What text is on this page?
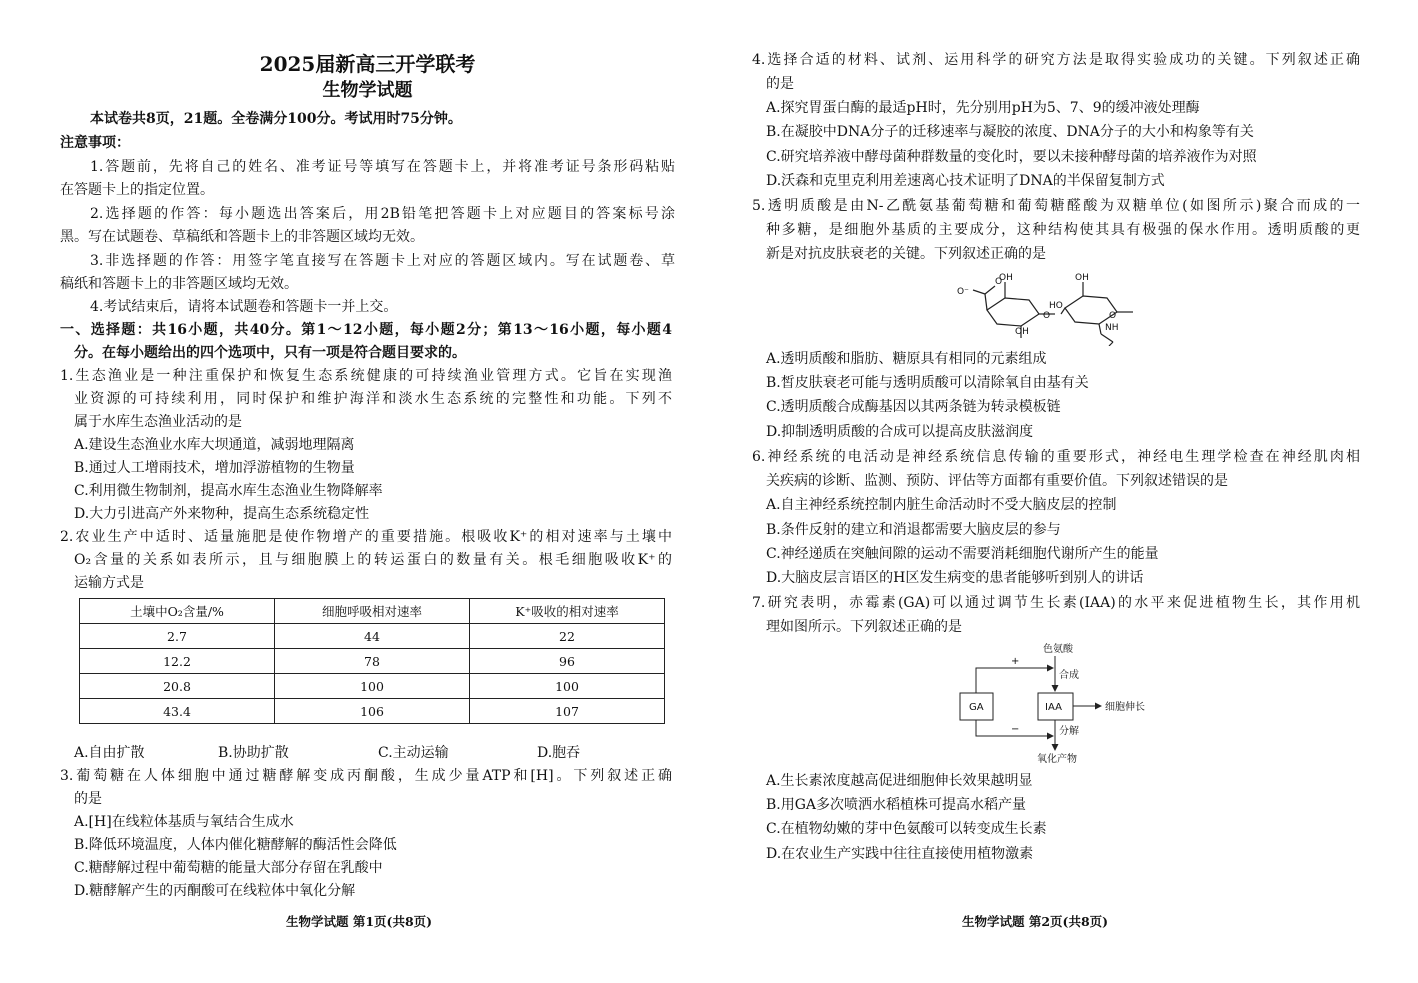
2025届新高三开学联考
生物学试题
本试卷共8页，21题。全卷满分100分。考试用时75分钟。
注意事项：
1.答题前，先将自己的姓名、准考证号等填写在答题卡上，并将准考证号条形码粘贴
在答题卡上的指定位置。
2.选择题的作答：每小题选出答案后，用2B铅笔把答题卡上对应题目的答案标号涂
黑。写在试题卷、草稿纸和答题卡上的非答题区域均无效。
3.非选择题的作答：用签字笔直接写在答题卡上对应的答题区域内。写在试题卷、草
稿纸和答题卡上的非答题区域均无效。
4.考试结束后，请将本试题卷和答题卡一并上交。
一、选择题：共16小题，共40分。第1～12小题，每小题2分；第13～16小题，每小题4
分。在每小题给出的四个选项中，只有一项是符合题目要求的。
1.生态渔业是一种注重保护和恢复生态系统健康的可持续渔业管理方式。它旨在实现渔
业资源的可持续利用，同时保护和维护海洋和淡水生态系统的完整性和功能。下列不
属于水库生态渔业活动的是
A.建设生态渔业水库大坝通道，减弱地理隔离
B.通过人工增雨技术，增加浮游植物的生物量
C.利用微生物制剂，提高水库生态渔业生物降解率
D.大力引进高产外来物种，提高生态系统稳定性
2.农业生产中适时、适量施肥是使作物增产的重要措施。根吸收K⁺的相对速率与土壤中
O₂含量的关系如表所示，且与细胞膜上的转运蛋白的数量有关。根毛细胞吸收K⁺的
运输方式是
土壤中O₂含量/%	细胞呼吸相对速率	K⁺吸收的相对速率
2.7	44	22
12.2	78	96
20.8	100	100
43.4	106	107
A.自由扩散	B.协助扩散	C.主动运输	D.胞吞
3.葡萄糖在人体细胞中通过糖酵解变成丙酮酸，生成少量ATP和[H]。下列叙述正确
的是
A.[H]在线粒体基质与氧结合生成水
B.降低环境温度，人体内催化糖酵解的酶活性会降低
C.糖酵解过程中葡萄糖的能量大部分存留在乳酸中
D.糖酵解产生的丙酮酸可在线粒体中氧化分解
生物学试题 第1页(共8页)
4.选择合适的材料、试剂、运用科学的研究方法是取得实验成功的关键。下列叙述正确
的是
A.探究胃蛋白酶的最适pH时，先分别用pH为5、7、9的缓冲液处理酶
B.在凝胶中DNA分子的迁移速率与凝胶的浓度、DNA分子的大小和构象等有关
C.研究培养液中酵母菌种群数量的变化时，要以未接种酵母菌的培养液作为对照
D.沃森和克里克利用差速离心技术证明了DNA的半保留复制方式
5.透明质酸是由N-乙酰氨基葡萄糖和葡萄糖醛酸为双糖单位(如图所示)聚合而成的一
种多糖，是细胞外基质的主要成分，这种结构使其具有极强的保水作用。透明质酸的更
新是对抗皮肤衰老的关键。下列叙述正确的是
OH	OH
O⁻
HO
OH	NH
O
O	O
A.透明质酸和脂肪、糖原具有相同的元素组成
B.皙皮肤衰老可能与透明质酸可以清除氧自由基有关
C.透明质酸合成酶基因以其两条链为转录模板链
D.抑制透明质酸的合成可以提高皮肤滋润度
6.神经系统的电活动是神经系统信息传输的重要形式，神经电生理学检查在神经肌肉相
关疾病的诊断、监测、预防、评估等方面都有重要价值。下列叙述错误的是
A.自主神经系统控制内脏生命活动时不受大脑皮层的控制
B.条件反射的建立和消退都需要大脑皮层的参与
C.神经递质在突触间隙的运动不需要消耗细胞代谢所产生的能量
D.大脑皮层言语区的H区发生病变的患者能够听到别人的讲话
7.研究表明，赤霉素(GA)可以通过调节生长素(IAA)的水平来促进植物生长，其作用机
理如图所示。下列叙述正确的是
色氨酸
合成
GA	IAA	细胞伸长
分解
氧化产物
+
−
A.生长素浓度越高促进细胞伸长效果越明显
B.用GA多次喷洒水稻植株可提高水稻产量
C.在植物幼嫩的芽中色氨酸可以转变成生长素
D.在农业生产实践中往往直接使用植物激素
生物学试题 第2页(共8页)
